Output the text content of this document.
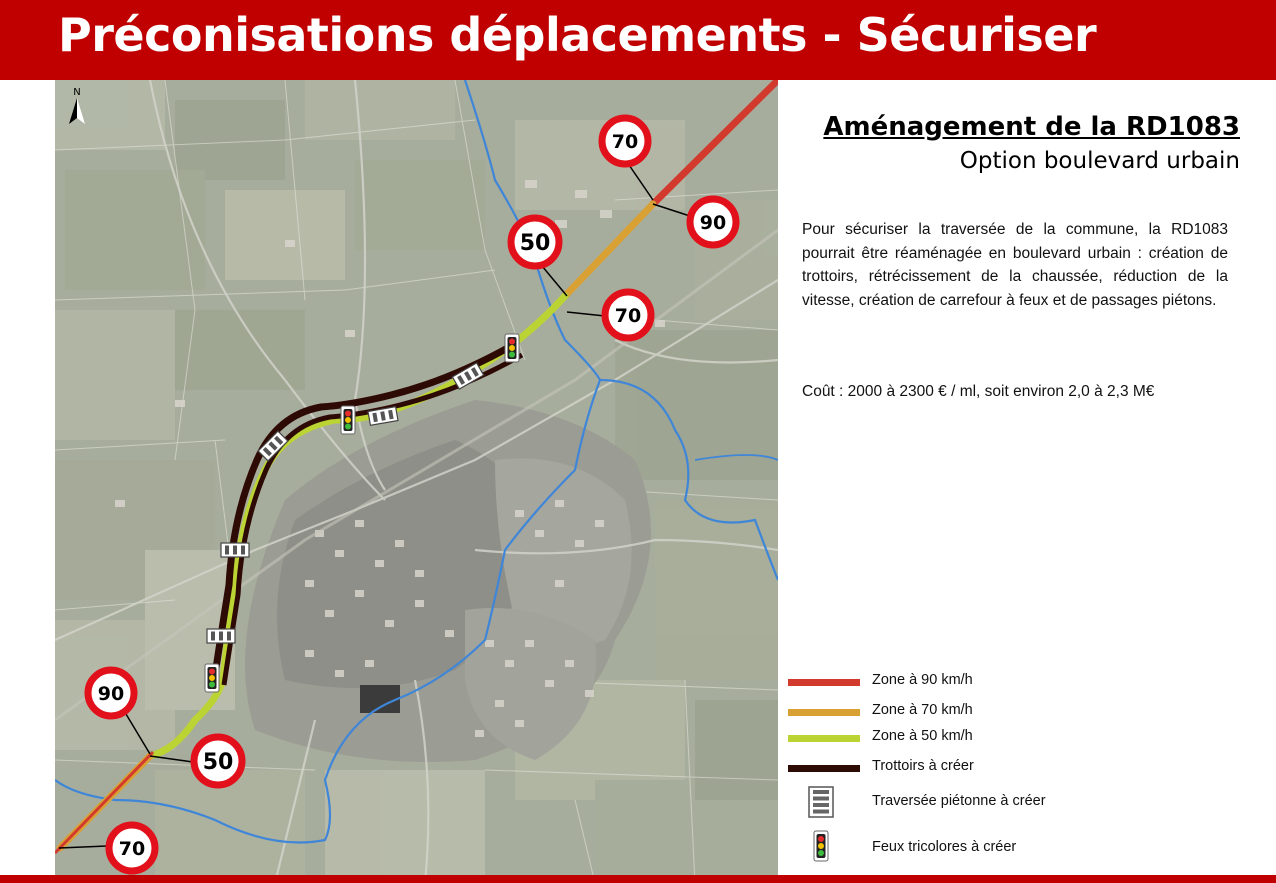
Préconisations déplacements - Sécuriser
70
90
50
70
90
50
70
N
Aménagement de la RD1083
Option boulevard urbain
Pour sécuriser la traversée de la commune, la RD1083 pourrait être réaménagée en boulevard urbain : création de trottoirs, rétrécissement de la chaussée, réduction de la vitesse, création de carrefour à feux et de passages piétons.
Coût : 2000 à 2300 € / ml, soit environ 2,0 à 2,3 M€
Zone à 90 km/h
Zone à 70 km/h
Zone à 50 km/h
Trottoirs à créer
Traversée piétonne à créer
Feux tricolores à créer
